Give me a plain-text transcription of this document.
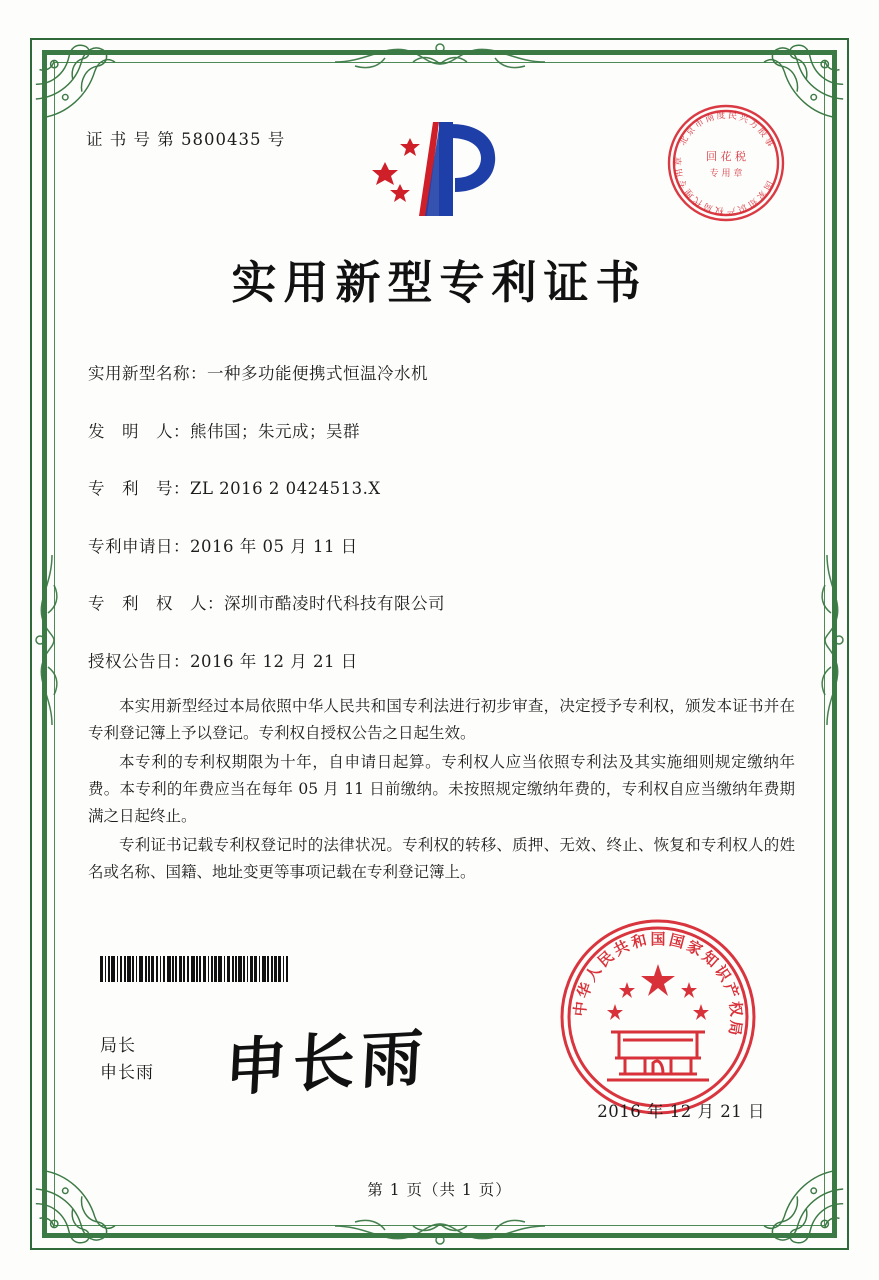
证 书 号 第 5800435 号	北
京
市
南 度 民 兴
方
股
事
国
家
知
识
产
权
局
代
理
专
用
章 回 花 税
专 用 章
实用新型专利证书
实用新型名称： 一种多功能便携式恒温冷水机
发　明　人： 熊伟国；朱元成；吴群
专　利　号： ZL 2016 2 0424513.X
专利申请日： 2016 年 05 月 11 日
专　利　权　人： 深圳市酷凌时代科技有限公司
授权公告日： 2016 年 12 月 21 日

本实用新型经过本局依照中华人民共和国专利法进行初步审查，决定授予专利权，颁发本证书并在专利登记簿上予以登记。专利权自授权公告之日起生效。

本专利的专利权期限为十年，自申请日起算。专利权人应当依照专利法及其实施细则规定缴纳年费。本专利的年费应当在每年 05 月 11 日前缴纳。未按照规定缴纳年费的，专利权自应当缴纳年费期满之日起终止。

专利证书记载专利权登记时的法律状况。专利权的转移、质押、无效、终止、恢复和专利权人的姓名或名称、国籍、地址变更等事项记载在专利登记簿上。

局长
申长雨 申长雨
中
华
人
民
共
和 国 国
家
知
识
产
权
局
2016 年 12 月 21 日
第 1 页（共 1 页）
